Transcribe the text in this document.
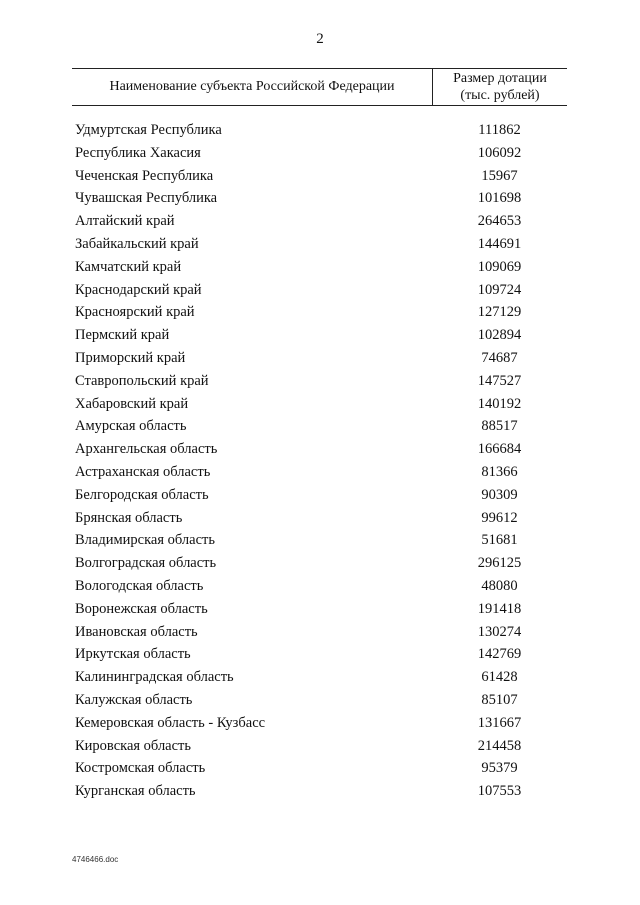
2
Наименование субъекта Российской Федерации
Размер дотации
(тыс. рублей)
Удмуртская Республика	111862
Республика Хакасия	106092
Чеченская Республика	15967
Чувашская Республика	101698
Алтайский край	264653
Забайкальский край	144691
Камчатский край	109069
Краснодарский край	109724
Красноярский край	127129
Пермский край	102894
Приморский край	74687
Ставропольский край	147527
Хабаровский край	140192
Амурская область	88517
Архангельская область	166684
Астраханская область	81366
Белгородская область	90309
Брянская область	99612
Владимирская область	51681
Волгоградская область	296125
Вологодская область	48080
Воронежская область	191418
Ивановская область	130274
Иркутская область	142769
Калининградская область	61428
Калужская область	85107
Кемеровская область - Кузбасс	131667
Кировская область	214458
Костромская область	95379
Курганская область	107553
4746466.doc
